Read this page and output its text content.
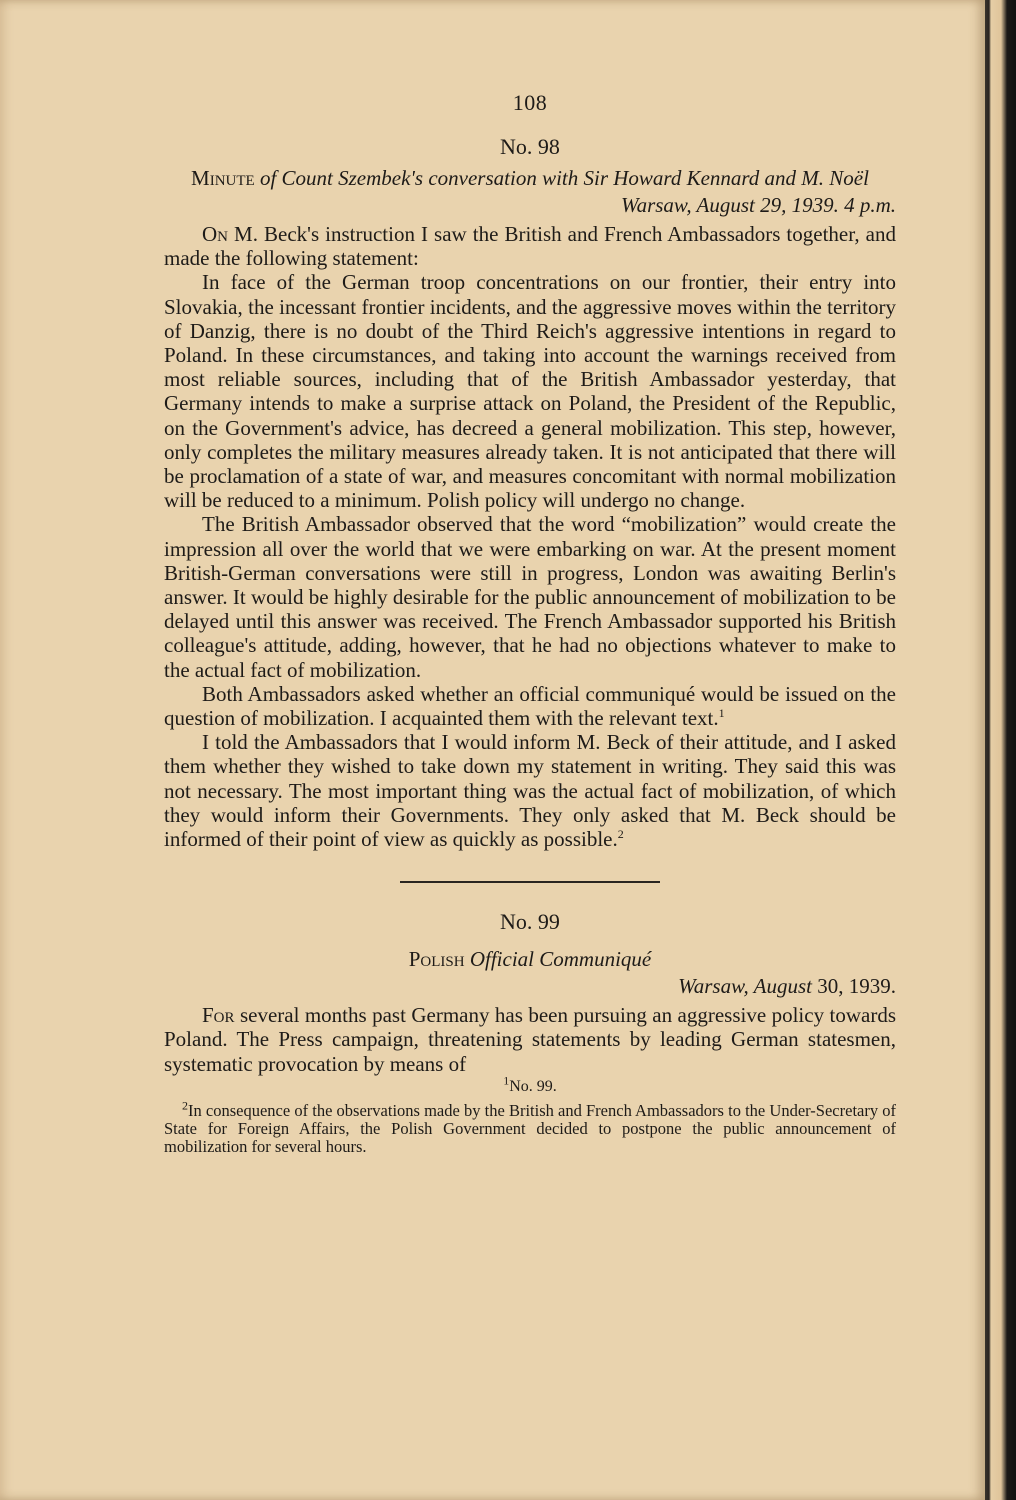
108
No. 98

Minute of Count Szembek's conversation with Sir Howard Kennard and M. Noël

Warsaw, August 29, 1939. 4 p.m.

On M. Beck's instruction I saw the British and French Ambassadors together, and made the following statement:

In face of the German troop concentrations on our frontier, their entry into Slovakia, the incessant frontier incidents, and the aggressive moves within the territory of Danzig, there is no doubt of the Third Reich's aggressive intentions in regard to Poland. In these circumstances, and taking into account the warnings received from most reliable sources, including that of the British Ambassador yesterday, that Germany intends to make a surprise attack on Poland, the President of the Republic, on the Government's advice, has decreed a general mobilization. This step, however, only completes the military measures already taken. It is not anticipated that there will be proclamation of a state of war, and measures concomitant with normal mobilization will be reduced to a minimum. Polish policy will undergo no change.

The British Ambassador observed that the word “mobilization” would create the impression all over the world that we were embarking on war. At the present moment British-German conversations were still in progress, London was awaiting Berlin's answer. It would be highly desirable for the public announcement of mobilization to be delayed until this answer was received. The French Ambassador supported his British colleague's attitude, adding, however, that he had no objections whatever to make to the actual fact of mobilization.

Both Ambassadors asked whether an official communiqué would be issued on the question of mobilization. I acquainted them with the relevant text.$^1$

I told the Ambassadors that I would inform M. Beck of their attitude, and I asked them whether they wished to take down my statement in writing. They said this was not necessary. The most important thing was the actual fact of mobilization, of which they would inform their Governments. They only asked that M. Beck should be informed of their point of view as quickly as possible.$^2$

No. 99

Polish Official Communiqué

Warsaw, August 30, 1939.

For several months past Germany has been pursuing an aggressive policy towards Poland. The Press campaign, threatening statements by leading German statesmen, systematic provocation by means of

$^1$No. 99.

$^2$In consequence of the observations made by the British and French Ambassadors to the Under-Secretary of State for Foreign Affairs, the Polish Government decided to postpone the public announcement of mobilization for several hours.
